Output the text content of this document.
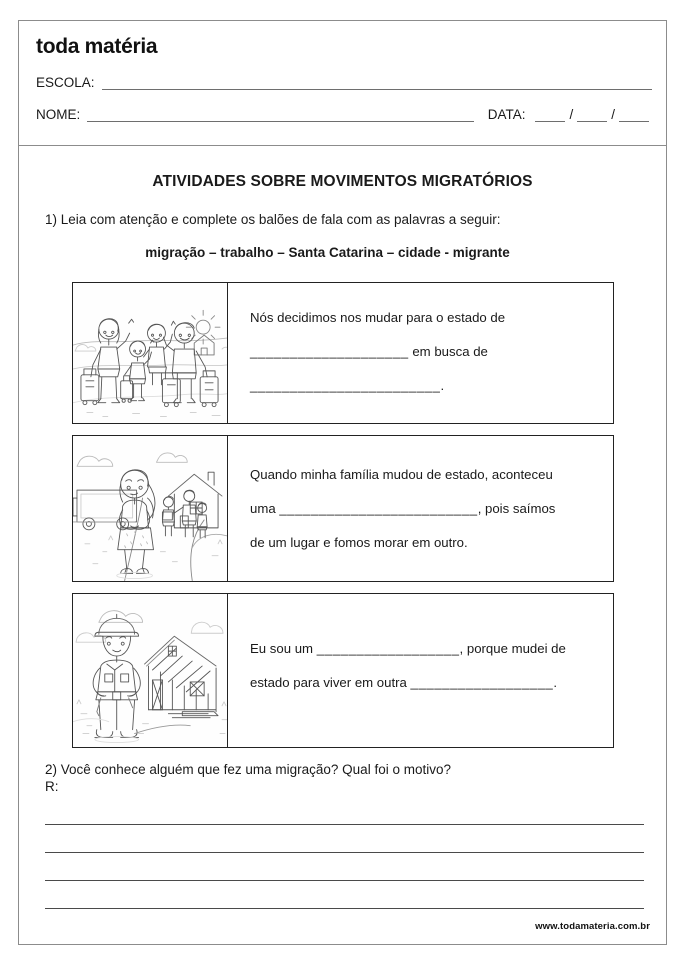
toda matéria
ESCOLA:
NOME:	DATA:	/	/
ATIVIDADES SOBRE MOVIMENTOS MIGRATÓRIOS
1) Leia com atenção e complete os balões de fala com as palavras a seguir:
migração – trabalho – Santa Catarina – cidade - migrante
Nós decidimos nos mudar para o estado de
____________________ em busca de
________________________.
Quando minha família mudou de estado, aconteceu
uma _________________________, pois saímos
de um lugar e fomos morar em outro.
Eu sou um __________________, porque mudei de
estado para viver em outra __________________.
2) Você conhece alguém que fez uma migração? Qual foi o motivo?
R:
www.todamateria.com.br
